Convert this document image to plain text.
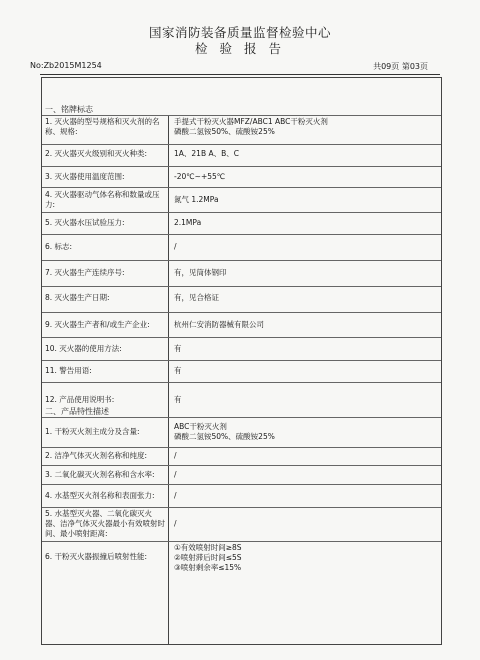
国家消防装备质量监督检验中心
检 验 报 告
No:Zb2015M1254	共09页 第03页
一、铭牌标志
1. 灭火器的型号规格和灭火剂的名称、规格:
手提式干粉灭火器MFZ/ABC1 ABC干粉灭火剂
磷酸二氢铵50%、硫酸铵25%
2. 灭火器灭火级别和灭火种类:	1A、21B A、B、C
3. 灭火器使用温度范围:	-20℃~+55℃
4. 灭火器驱动气体名称和数量或压力:
氮气 1.2MPa
5. 灭火器水压试验压力:	2.1MPa
6. 标志:	/
7. 灭火器生产连续序号:	有，见筒体钢印
8. 灭火器生产日期:	有，见合格证
9. 灭火器生产者和/或生产企业:	杭州仁安消防器械有限公司
10. 灭火器的使用方法:	有
11. 警告用语:	有
12. 产品使用说明书:	有
二、产品特性描述
1. 干粉灭火剂主成分及含量:
ABC干粉灭火剂
磷酸二氢铵50%、硫酸铵25%
2. 洁净气体灭火剂名称和纯度:	/
3. 二氧化碳灭火剂名称和含水率:	/
4. 水基型灭火剂名称和表面张力:	/
5. 水基型灭火器、二氧化碳灭火器、洁净气体灭火器最小有效喷射时间、最小喷射距离:
/
6. 干粉灭火器振撞后喷射性能:
①有效喷射时间≥8S
②喷射滞后时间≤5S
③喷射剩余率≤15%
